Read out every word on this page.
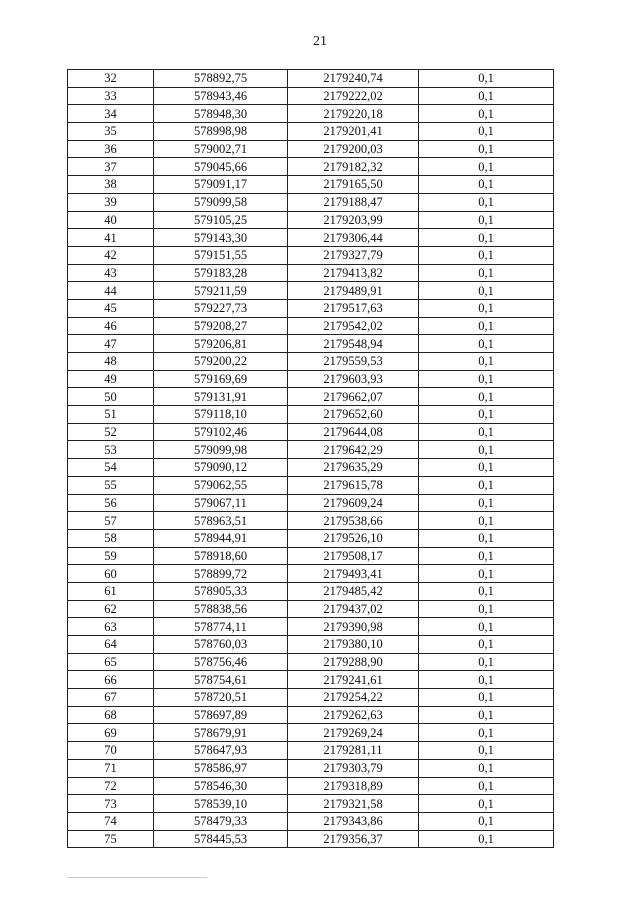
21
32	578892,75	2179240,74	0,1
33	578943,46	2179222,02	0,1
34	578948,30	2179220,18	0,1
35	578998,98	2179201,41	0,1
36	579002,71	2179200,03	0,1
37	579045,66	2179182,32	0,1
38	579091,17	2179165,50	0,1
39	579099,58	2179188,47	0,1
40	579105,25	2179203,99	0,1
41	579143,30	2179306,44	0,1
42	579151,55	2179327,79	0,1
43	579183,28	2179413,82	0,1
44	579211,59	2179489,91	0,1
45	579227,73	2179517,63	0,1
46	579208,27	2179542,02	0,1
47	579206,81	2179548,94	0,1
48	579200,22	2179559,53	0,1
49	579169,69	2179603,93	0,1
50	579131,91	2179662,07	0,1
51	579118,10	2179652,60	0,1
52	579102,46	2179644,08	0,1
53	579099,98	2179642,29	0,1
54	579090,12	2179635,29	0,1
55	579062,55	2179615,78	0,1
56	579067,11	2179609,24	0,1
57	578963,51	2179538,66	0,1
58	578944,91	2179526,10	0,1
59	578918,60	2179508,17	0,1
60	578899,72	2179493,41	0,1
61	578905,33	2179485,42	0,1
62	578838,56	2179437,02	0,1
63	578774,11	2179390,98	0,1
64	578760,03	2179380,10	0,1
65	578756,46	2179288,90	0,1
66	578754,61	2179241,61	0,1
67	578720,51	2179254,22	0,1
68	578697,89	2179262,63	0,1
69	578679,91	2179269,24	0,1
70	578647,93	2179281,11	0,1
71	578586,97	2179303,79	0,1
72	578546,30	2179318,89	0,1
73	578539,10	2179321,58	0,1
74	578479,33	2179343,86	0,1
75	578445,53	2179356,37	0,1
